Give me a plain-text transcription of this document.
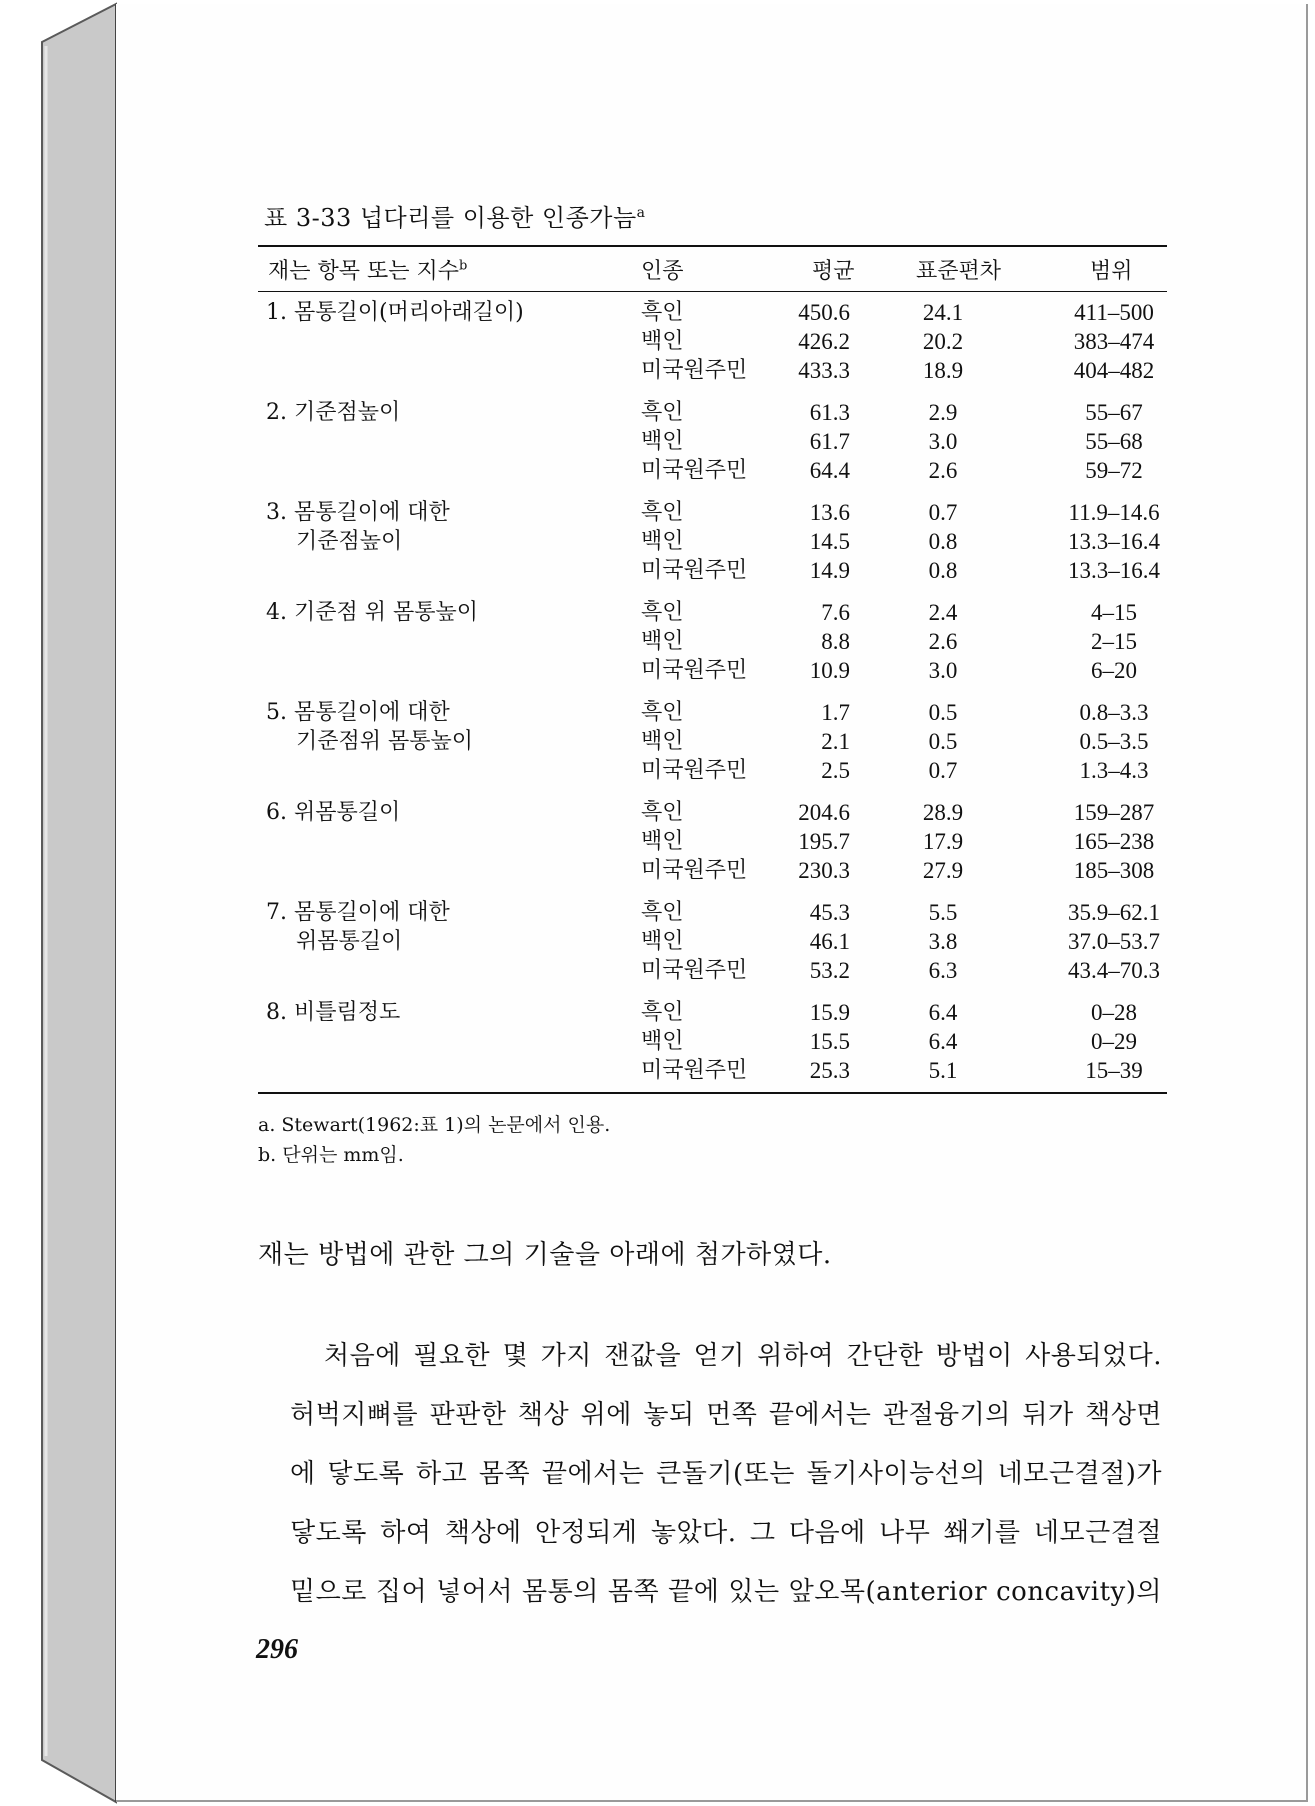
표 3-33 넙다리를 이용한 인종가늠$^a$
재는 항목 또는 지수$^b$	인종	평균	표준편차	범위
1. 몸통길이(머리아래길이)	흑인	450.6	24.1	411–500
백인	426.2	20.2	383–474
미국원주민	433.3	18.9	404–482
2. 기준점높이	흑인	61.3	2.9	55–67
백인	61.7	3.0	55–68
미국원주민	64.4	2.6	59–72
3. 몸통길이에 대한
기준점높이
흑인	13.6	0.7	11.9–14.6
백인	14.5	0.8	13.3–16.4
미국원주민	14.9	0.8	13.3–16.4
4. 기준점 위 몸통높이	흑인	7.6	2.4	4–15
백인	8.8	2.6	2–15
미국원주민	10.9	3.0	6–20
5. 몸통길이에 대한
기준점위 몸통높이
흑인	1.7	0.5	0.8–3.3
백인	2.1	0.5	0.5–3.5
미국원주민	2.5	0.7	1.3–4.3
6. 위몸통길이	흑인	204.6	28.9	159–287
백인	195.7	17.9	165–238
미국원주민	230.3	27.9	185–308
7. 몸통길이에 대한
위몸통길이
흑인	45.3	5.5	35.9–62.1
백인	46.1	3.8	37.0–53.7
미국원주민	53.2	6.3	43.4–70.3
8. 비틀림정도	흑인	15.9	6.4	0–28
백인	15.5	6.4	0–29
미국원주민	25.3	5.1	15–39
a. Stewart(1962:표 1)의 논문에서 인용.
b. 단위는 mm임.
재는 방법에 관한 그의 기술을 아래에 첨가하였다.
처음에 필요한 몇 가지 잰값을 얻기 위하여 간단한 방법이 사용되었다.
허벅지뼈를 판판한 책상 위에 놓되 먼쪽 끝에서는 관절융기의 뒤가 책상면
에 닿도록 하고 몸쪽 끝에서는 큰돌기(또는 돌기사이능선의 네모근결절)가
닿도록 하여 책상에 안정되게 놓았다. 그 다음에 나무 쐐기를 네모근결절
밑으로 집어 넣어서 몸통의 몸쪽 끝에 있는 앞오목(anterior concavity)의
296
